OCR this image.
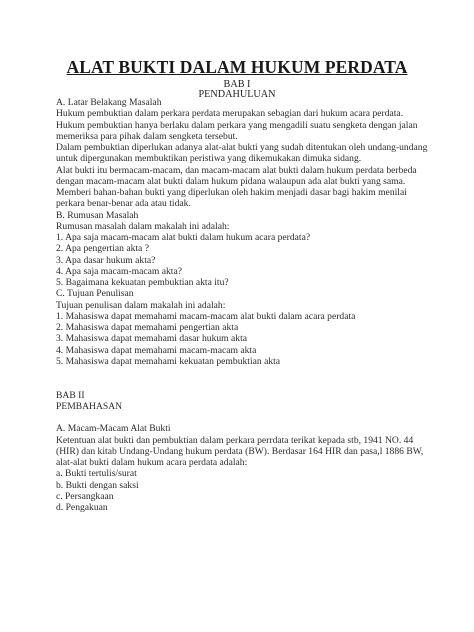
ALAT BUKTI DALAM HUKUM PERDATA
BAB I
PENDAHULUAN
A. Latar Belakang Masalah
Hukum pembuktian dalam perkara perdata merupakan sebagian dari hukum acara perdata.
Hukum pembuktian hanya berlaku dalam perkara yang mengadili suatu sengketa dengan jalan
memeriksa para pihak dalam sengketa tersebut.
Dalam pembuktian diperlukan adanya alat-alat bukti yang sudah ditentukan oleh undang-undang
untuk dipergunakan membuktikan peristiwa yang dikemukakan dimuka sidang.
Alat bukti itu bermacam-macam, dan macam-macam alat bukti dalam hukum perdata berbeda
dengan macam-macam alat bukti dalam hukum pidana walaupun ada alat bukti yang sama.
Memberi bahan-bahan bukti yang diperlukan oleh hakim menjadi dasar bagi hakim menilai
perkara benar-benar ada atau tidak.
B. Rumusan Masalah
Rumusan masalah dalam makalah ini adalah:
1. Apa saja macam-macam alat bukti dalam hukum acara perdata?
2. Apa pengertian akta ?
3. Apa dasar hukum akta?
4. Apa saja macam-macam akta?
5. Bagaimana kekuatan pembuktian akta itu?
C. Tujuan Penulisan
Tujuan penulisan dalam makalah ini adalah:
1. Mahasiswa dapat memahami macam-macam alat bukti dalam acara perdata
2. Mahasiswa dapat memahami pengertian akta
3. Mahasiswa dapat memahami dasar hukum akta
4. Mahasiswa dapat memahami macam-macam akta
5. Mahasiswa dapat memahami kekuatan pembuktian akta
BAB II
PEMBAHASAN
A. Macam-Macam Alat Bukti
Ketentuan alat bukti dan pembuktian dalam perkara perrdata terikat kepada stb, 1941 NO. 44
(HIR) dan kitab Undang-Undang hukum perdata (BW). Berdasar 164 HIR dan pasa,l 1886 BW,
alat-alat bukti dalam hukum acara perdata adalah:
a. Bukti tertulis/surat
b. Bukti dengan saksi
c. Persangkaan
d. Pengakuan
